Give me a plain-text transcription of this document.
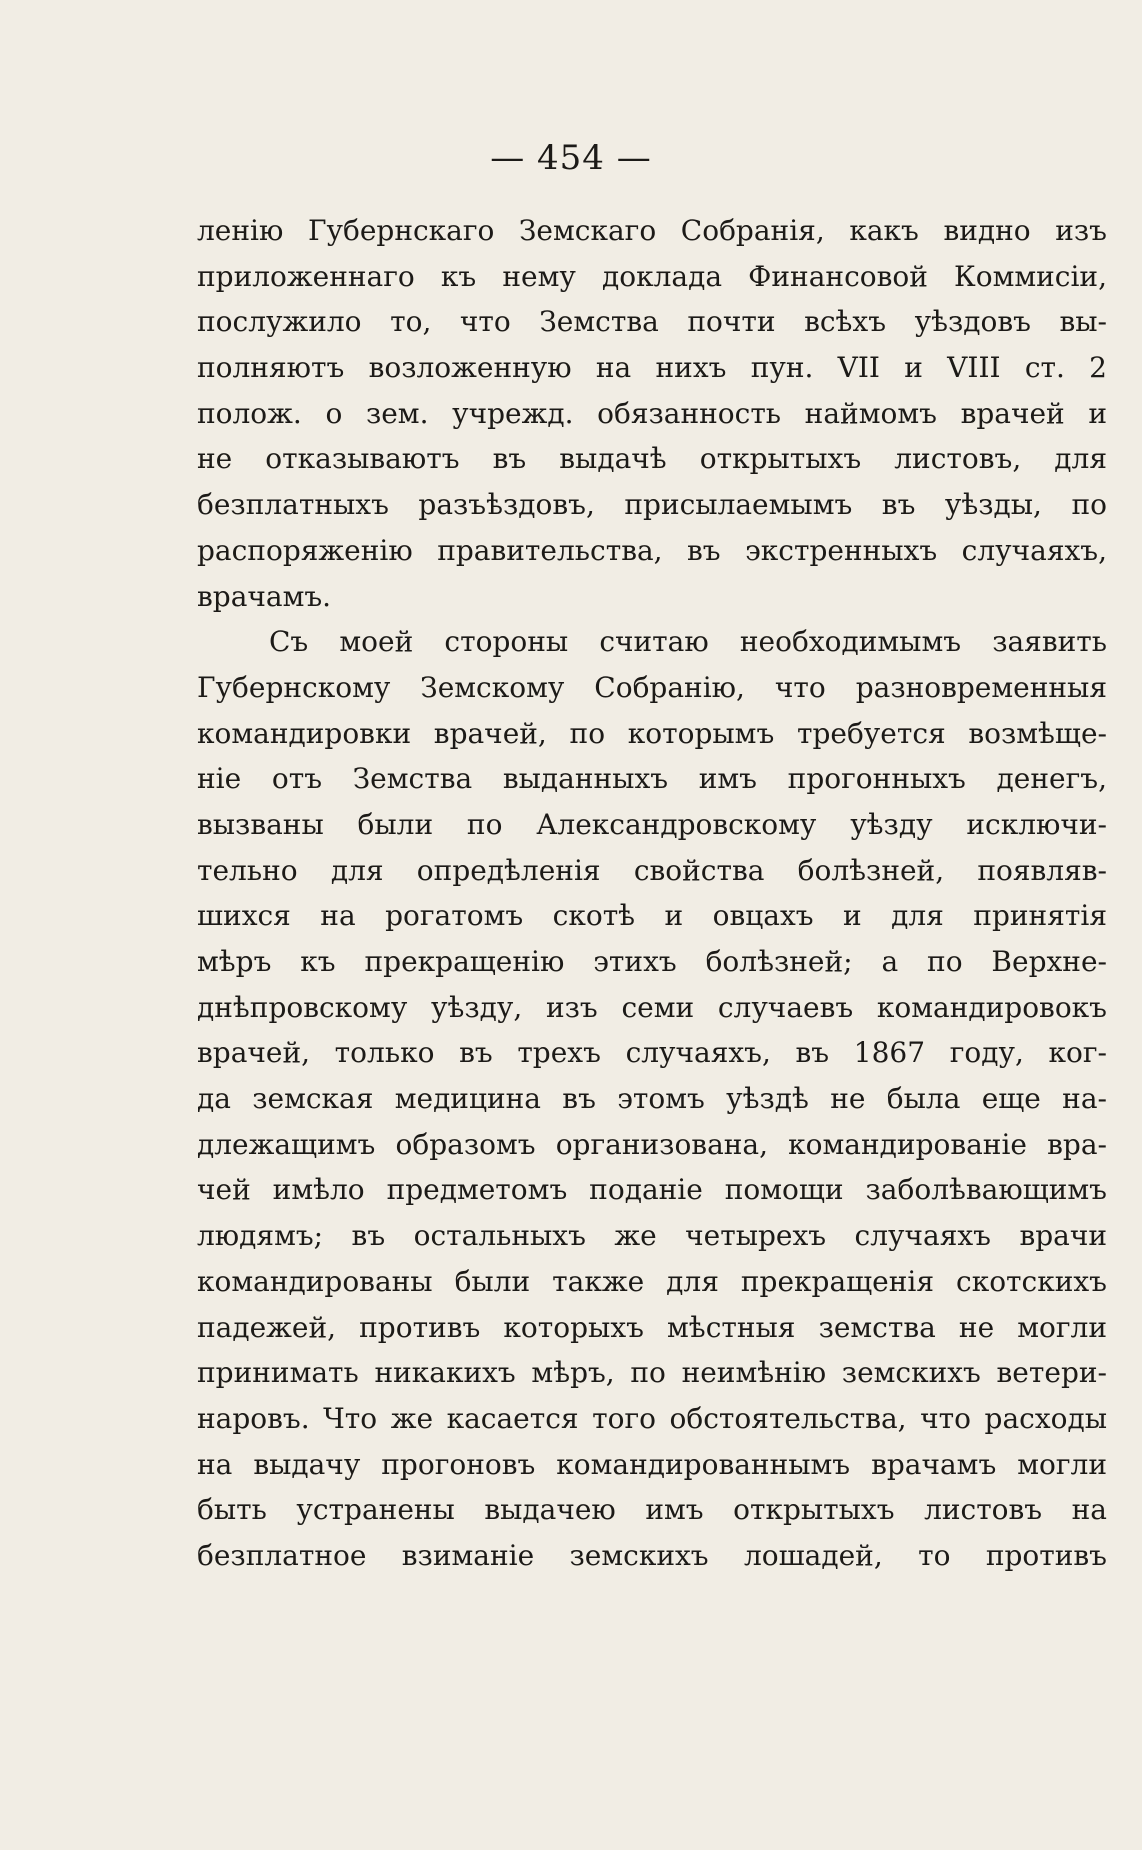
— 454 —
ленію Губернскаго Земскаго Собранія, какъ видно изъ
приложеннаго къ нему доклада Финансовой Коммисіи,
послужило то, что Земства почти всѣхъ уѣздовъ вы-
полняютъ возложенную на нихъ пун. VII и VIII ст. 2
полож. о зем. учрежд. обязанность наймомъ врачей и
не отказываютъ въ выдачѣ открытыхъ листовъ, для
безплатныхъ разъѣздовъ, присылаемымъ въ уѣзды, по
распоряженію правительства, въ экстренныхъ случаяхъ,
врачамъ.
Съ моей стороны считаю необходимымъ заявить
Губернскому Земскому Собранію, что разновременныя
командировки врачей, по которымъ требуется возмѣще-
ніе отъ Земства выданныхъ имъ прогонныхъ денегъ,
вызваны были по Александровскому уѣзду исключи-
тельно для опредѣленія свойства болѣзней, появляв-
шихся на рогатомъ скотѣ и овцахъ и для принятія
мѣръ къ прекращенію этихъ болѣзней; а по Верхне-
днѣпровскому уѣзду, изъ семи случаевъ командировокъ
врачей, только въ трехъ случаяхъ, въ 1867 году, ког-
да земская медицина въ этомъ уѣздѣ не была еще на-
длежащимъ образомъ организована, командированіе вра-
чей имѣло предметомъ поданіе помощи заболѣвающимъ
людямъ; въ остальныхъ же четырехъ случаяхъ врачи
командированы были также для прекращенія скотскихъ
падежей, противъ которыхъ мѣстныя земства не могли
принимать никакихъ мѣръ, по неимѣнію земскихъ ветери-
наровъ. Что же касается того обстоятельства, что расходы
на выдачу прогоновъ командированнымъ врачамъ могли
быть устранены выдачею имъ открытыхъ листовъ на
безплатное взиманіе земскихъ лошадей, то противъ
